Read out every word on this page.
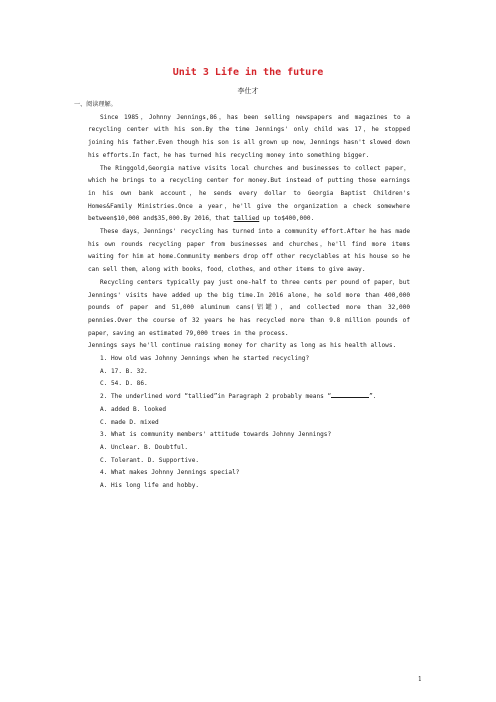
Unit 3 Life in the future
李仕才

一、阅读理解。

Since 1985，Johnny Jennings,86，has been selling newspapers and magazines to a recycling center with his son.By the time Jennings' only child was 17，he stopped joining his father.Even though his son is all grown up now，Jennings hasn't slowed down his efforts.In fact，he has turned his recycling money into something bigger.

The Ringgold,Georgia native visits local churches and businesses to collect paper，which he brings to a recycling center for money.But instead of putting those earnings in his own bank account，he sends every dollar to Georgia Baptist Children's Homes&Family Ministries.Once a year，he'll give the organization a check somewhere between$10,000 and$35,000.By 2016，that tallied up to$400,000.

These days，Jennings' recycling has turned into a community effort.After he has made his own rounds recycling paper from businesses and churches，he'll find more items waiting for him at home.Community members drop off other recyclables at his house so he can sell them，along with books，food，clothes，and other items to give away.

Recycling centers typically pay just one-half to three cents per pound of paper，but Jennings' visits have added up the big time.In 2016 alone，he sold more than 400,000 pounds of paper and 51,000 aluminum cans(铝罐)，and collected more than 32,000 pennies.Over the course of 32 years he has recycled more than 9.8 million pounds of paper，saving an estimated 79,000 trees in the process.

Jennings says he'll continue raising money for charity as long as his health allows.

1. How old was Johnny Jennings when he started recycling?

A. 17. B. 32.

C. 54. D. 86.

2. The underlined word “tallied”in Paragraph 2 probably means “	”.

A. added B. looked

C. made D. mixed

3. What is community members' attitude towards Johnny Jennings?

A. Unclear. B. Doubtful.

C. Tolerant. D. Supportive.

4. What makes Johnny Jennings special?

A. His long life and hobby.

1
